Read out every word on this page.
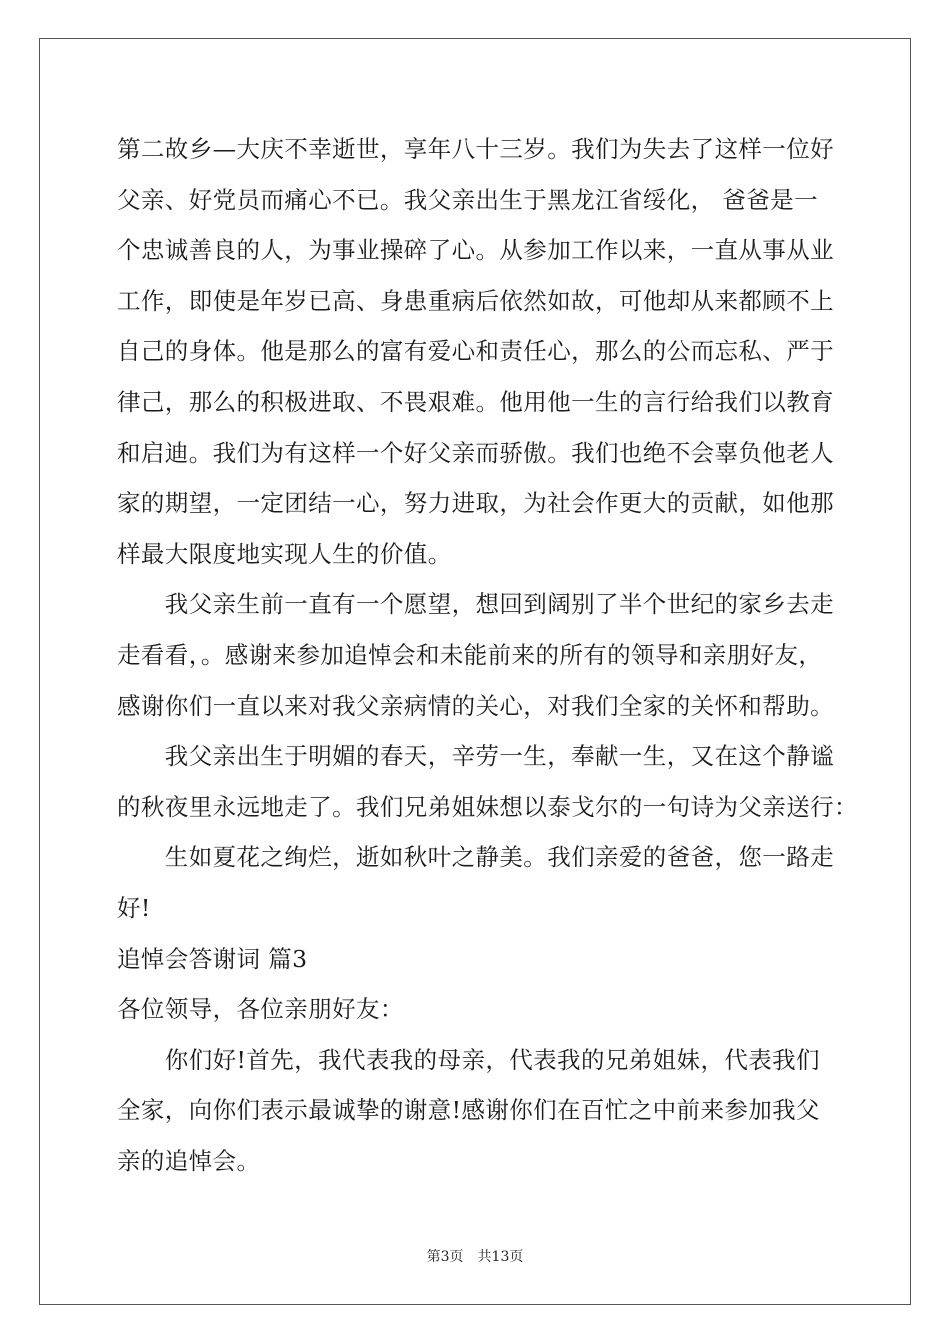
第二故乡—大庆不幸逝世，享年八十三岁。我们为失去了这样一位好
父亲、好党员而痛心不已。我父亲出生于黑龙江省绥化， 爸爸是一
个忠诚善良的人，为事业操碎了心。从参加工作以来，一直从事从业
工作，即使是年岁已高、身患重病后依然如故，可他却从来都顾不上
自己的身体。他是那么的富有爱心和责任心，那么的公而忘私、严于
律己，那么的积极进取、不畏艰难。他用他一生的言行给我们以教育
和启迪。我们为有这样一个好父亲而骄傲。我们也绝不会辜负他老人
家的期望，一定团结一心，努力进取，为社会作更大的贡献，如他那
样最大限度地实现人生的价值。
　　我父亲生前一直有一个愿望，想回到阔别了半个世纪的家乡去走
走看看，。感谢来参加追悼会和未能前来的所有的领导和亲朋好友，
感谢你们一直以来对我父亲病情的关心，对我们全家的关怀和帮助。
　　我父亲出生于明媚的春天，辛劳一生，奉献一生，又在这个静谧
的秋夜里永远地走了。我们兄弟姐妹想以泰戈尔的一句诗为父亲送行：
　　生如夏花之绚烂，逝如秋叶之静美。我们亲爱的爸爸，您一路走
好!
追悼会答谢词 篇3
各位领导，各位亲朋好友：
　　你们好!首先，我代表我的母亲，代表我的兄弟姐妹，代表我们
全家，向你们表示最诚挚的谢意!感谢你们在百忙之中前来参加我父
亲的追悼会。
第3页　共13页
